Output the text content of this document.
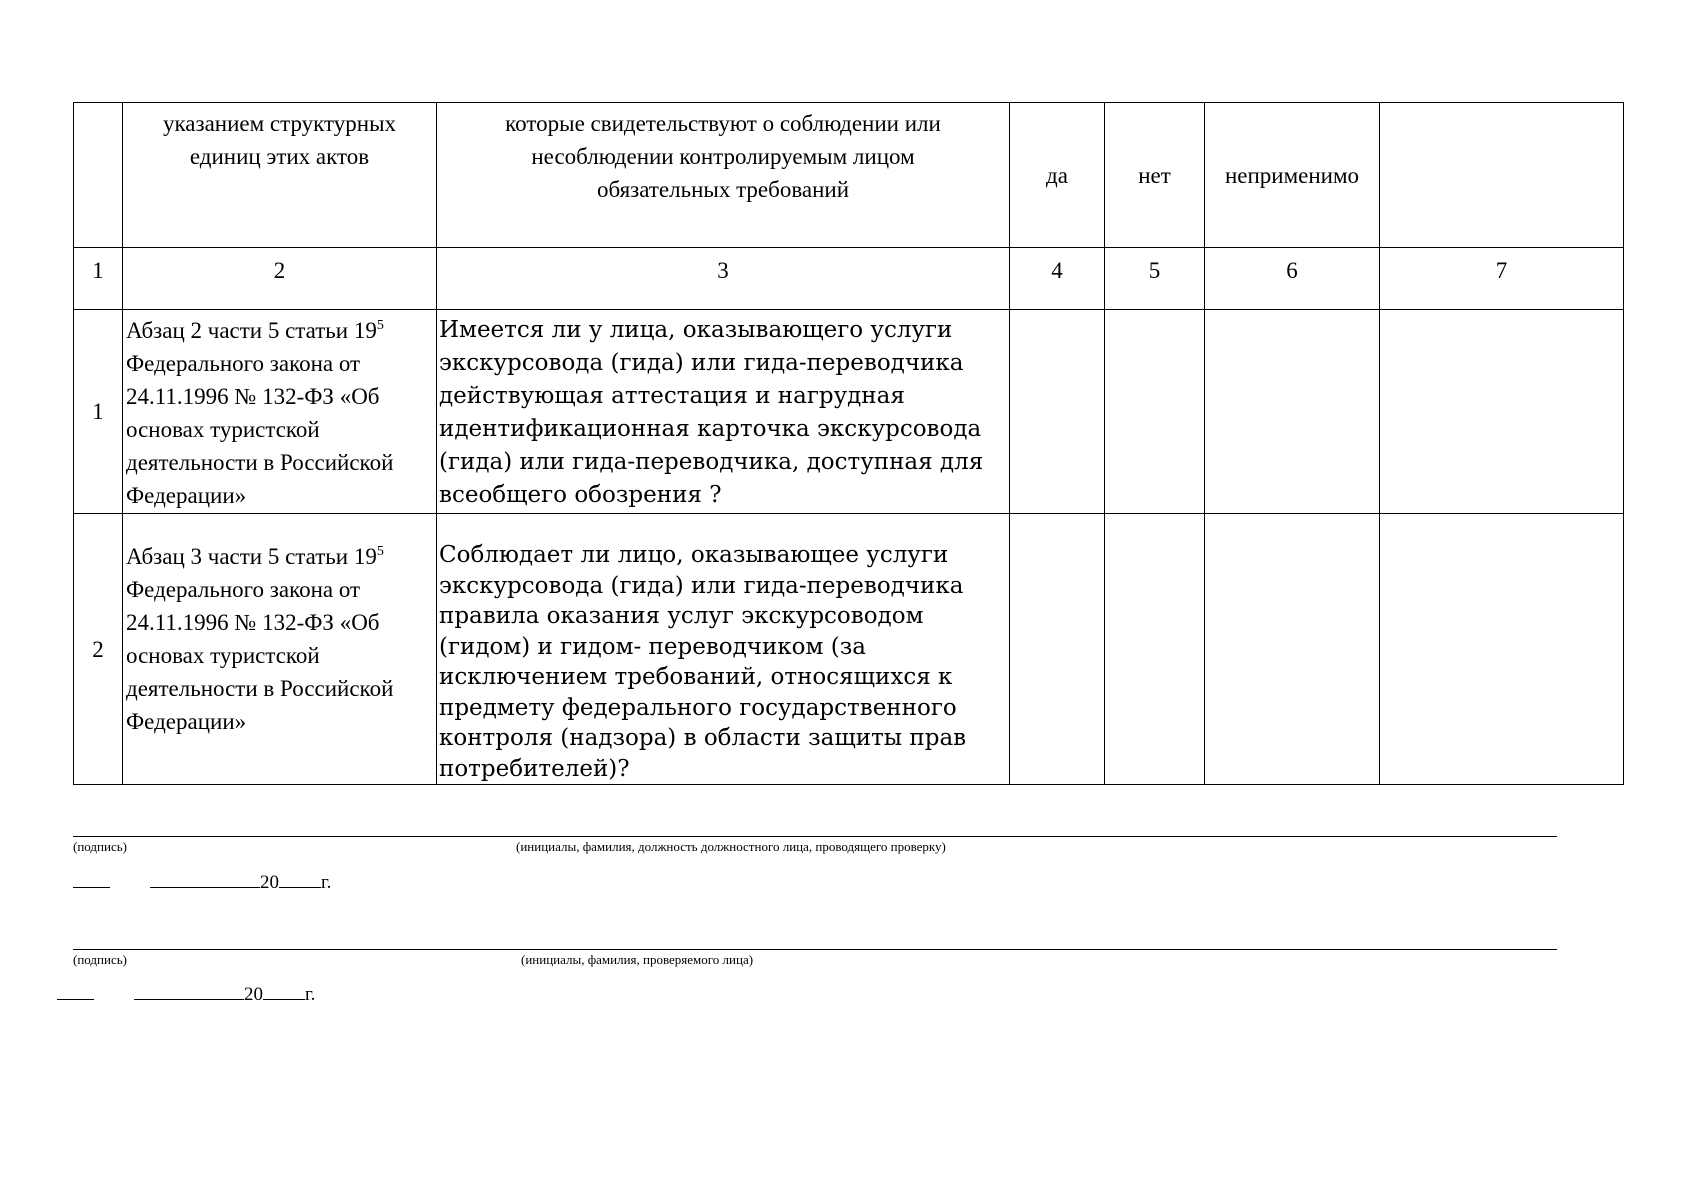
	указанием структурных единиц этих актов	которые свидетельствуют о соблюдении или несоблюдении контролируемым лицом обязательных требований	да	нет	неприменимо	
1	2	3	4	5	6	7
1	Абзац 2 части 5 статьи $19^5$ Федерального закона от 24.11.1996 № 132-ФЗ «Об основах туристской деятельности в Российской Федерации»	Имеется ли у лица, оказывающего услуги экскурсовода (гида) или гида-переводчика действующая аттестация и нагрудная идентификационная карточка экскурсовода (гида) или гида-переводчика, доступная для всеобщего обозрения ?				
2	Абзац 3 части 5 статьи $19^5$ Федерального закона от 24.11.1996 № 132-ФЗ «Об основах туристской деятельности в Российской Федерации»	Соблюдает ли лицо, оказывающее услуги экскурсовода (гида) или гида-переводчика правила оказания услуг экскурсоводом (гидом) и гидом- переводчиком (за исключением требований, относящихся к предмету федерального государственного контроля (надзора) в области защиты прав потребителей)?				
(подпись)	(инициалы, фамилия, должность должностного лица, проводящего проверку)
20 г.
(подпись)	(инициалы, фамилия, проверяемого лица)
20 г.
